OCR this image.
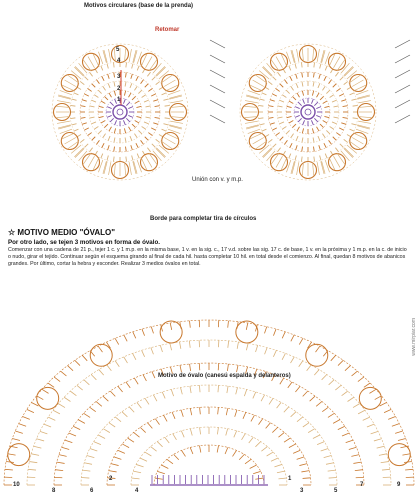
Motivos circulares (base de la prenda)
Retomar
Unión con v. y m.p.
Borde para completar tira de círculos
5
4
3
2
1
☆ MOTIVO MEDIO "ÓVALO"
Por otro lado, se tejen 3 motivos en forma de óvalo.
Comenzar con una cadena de 21 p., tejer 1 c. y 1 m.p. en la misma base, 1 v. en la sig. c., 17 v.d. sobre las sig. 17 c. de base, 1 v. en la próxima y 1 m.p. en la c. de inicio o nudo, girar el tejido. Continuar según el esquema girando al final de cada hil. hasta completar 10 hil. en total desde el comienzo. Al final, quedan 8 motivos de abanicos grandes. Por último, cortar la hebra y esconder. Realizar 3 medios óvalos en total.
Motivo de óvalo (canesú espalda y delanteros)
10
8	6	4
2	1
3	5
7	9
www.mirpiar.com
